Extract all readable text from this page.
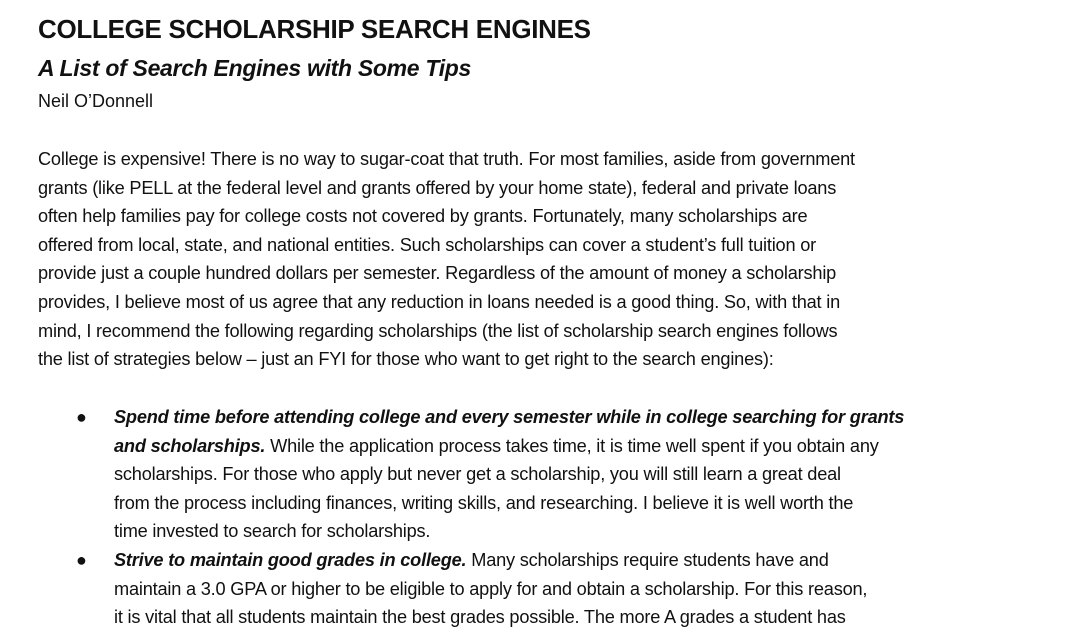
COLLEGE SCHOLARSHIP SEARCH ENGINES
A List of Search Engines with Some Tips
Neil O’Donnell
College is expensive! There is no way to sugar-coat that truth. For most families, aside from government
grants (like PELL at the federal level and grants offered by your home state), federal and private loans
often help families pay for college costs not covered by grants. Fortunately, many scholarships are
offered from local, state, and national entities. Such scholarships can cover a student’s full tuition or
provide just a couple hundred dollars per semester. Regardless of the amount of money a scholarship
provides, I believe most of us agree that any reduction in loans needed is a good thing. So, with that in
mind, I recommend the following regarding scholarships (the list of scholarship search engines follows
the list of strategies below – just an FYI for those who want to get right to the search engines):
● Spend time before attending college and every semester while in college searching for grants
and scholarships. While the application process takes time, it is time well spent if you obtain any
scholarships. For those who apply but never get a scholarship, you will still learn a great deal
from the process including finances, writing skills, and researching. I believe it is well worth the
time invested to search for scholarships.
● Strive to maintain good grades in college. Many scholarships require students have and
maintain a 3.0 GPA or higher to be eligible to apply for and obtain a scholarship. For this reason,
it is vital that all students maintain the best grades possible. The more A grades a student has
